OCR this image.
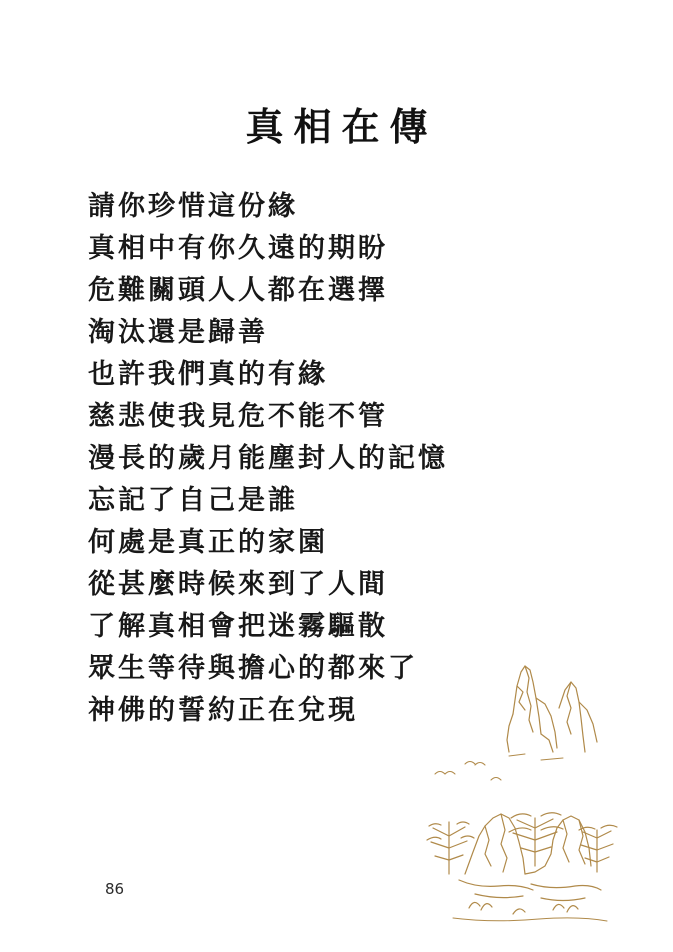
真相在傳
請你珍惜這份緣
真相中有你久遠的期盼
危難關頭人人都在選擇
淘汰還是歸善
也許我們真的有緣
慈悲使我見危不能不管
漫長的歲月能塵封人的記憶
忘記了自己是誰
何處是真正的家園
從甚麼時候來到了人間
了解真相會把迷霧驅散
眾生等待與擔心的都來了
神佛的誓約正在兌現
86
